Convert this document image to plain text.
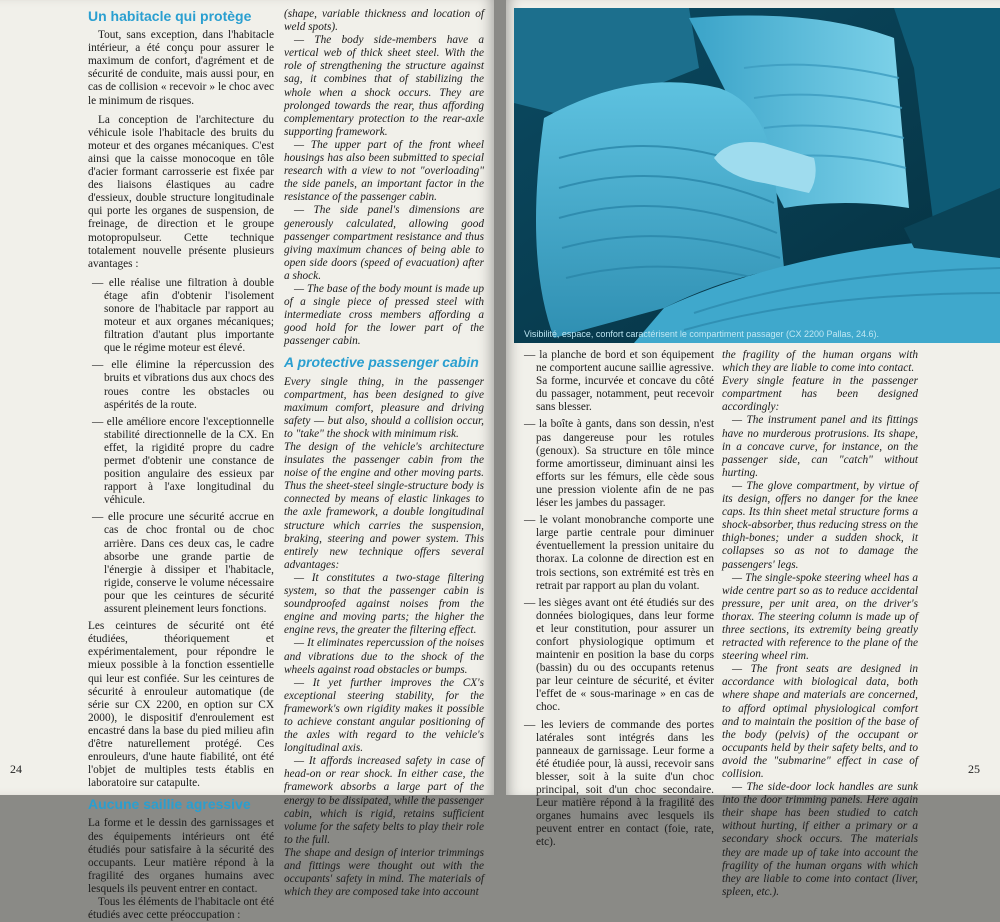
Un habitacle qui protège

Tout, sans exception, dans l'habitacle intérieur, a été conçu pour assurer le maximum de confort, d'agrément et de sécurité de conduite, mais aussi pour, en cas de collision « recevoir » le choc avec le minimum de risques.

La conception de l'architecture du véhicule isole l'habitacle des bruits du moteur et des organes mécaniques. C'est ainsi que la caisse monocoque en tôle d'acier formant carrosserie est fixée par des liaisons élastiques au cadre d'essieux, double structure longitudinale qui porte les organes de suspension, de freinage, de direction et le groupe motopropulseur. Cette technique totalement nouvelle présente plusieurs avantages :

— elle réalise une filtration à double étage afin d'obtenir l'isolement sonore de l'habitacle par rapport au moteur et aux organes mécaniques; filtration d'autant plus importante que le régime moteur est élevé.
— elle élimine la répercussion des bruits et vibrations dus aux chocs des roues contre les obstacles ou aspérités de la route.
— elle améliore encore l'exceptionnelle stabilité directionnelle de la CX. En effet, la rigidité propre du cadre permet d'obtenir une constance de position angulaire des essieux par rapport à l'axe longitudinal du véhicule.
— elle procure une sécurité accrue en cas de choc frontal ou de choc arrière. Dans ces deux cas, le cadre absorbe une grande partie de l'énergie à dissiper et l'habitacle, rigide, conserve le volume nécessaire pour que les ceintures de sécurité assurent pleinement leurs fonctions.

Les ceintures de sécurité ont été étudiées, théoriquement et expérimentalement, pour répondre le mieux possible à la fonction essentielle qui leur est confiée. Sur les ceintures de sécurité à enrouleur automatique (de série sur CX 2200, en option sur CX 2000), le dispositif d'enroulement est encastré dans la base du pied milieu afin d'être naturellement protégé. Ces enrouleurs, d'une haute fiabilité, ont été l'objet de multiples tests établis en laboratoire sur catapulte.

Aucune saillie agressive

La forme et le dessin des garnissages et des équipements intérieurs ont été étudiés pour satisfaire à la sécurité des occupants. Leur matière répond à la fragilité des organes humains avec lesquels ils peuvent entrer en contact.

Tous les éléments de l'habitacle ont été étudiés avec cette préoccupation :

(shape, variable thickness and location of weld spots).

— The body side-members have a vertical web of thick sheet steel. With the role of strengthening the structure against sag, it combines that of stabilizing the whole when a shock occurs. They are prolonged towards the rear, thus affording complementary protection to the rear-axle supporting framework.

— The upper part of the front wheel housings has also been submitted to special research with a view to not "overloading" the side panels, an important factor in the resistance of the passenger cabin.

— The side panel's dimensions are generously calculated, allowing good passenger compartment resistance and thus giving maximum chances of being able to open side doors (speed of evacuation) after a shock.

— The base of the body mount is made up of a single piece of pressed steel with intermediate cross members affording a good hold for the lower part of the passenger cabin.

A protective passenger cabin

Every single thing, in the passenger compartment, has been designed to give maximum comfort, pleasure and driving safety — but also, should a collision occur, to "take" the shock with minimum risk.

The design of the vehicle's architecture insulates the passenger cabin from the noise of the engine and other moving parts. Thus the sheet-steel single-structure body is connected by means of elastic linkages to the axle framework, a double longitudinal structure which carries the suspension, braking, steering and power system. This entirely new technique offers several advantages:

— It constitutes a two-stage filtering system, so that the passenger cabin is soundproofed against noises from the engine and moving parts; the higher the engine revs, the greater the filtering effect.

— It eliminates repercussion of the noises and vibrations due to the shock of the wheels against road obstacles or bumps.

— It yet further improves the CX's exceptional steering stability, for the framework's own rigidity makes it possible to achieve constant angular positioning of the axles with regard to the vehicle's longitudinal axis.

— It affords increased safety in case of head-on or rear shock. In either case, the framework absorbs a large part of the energy to be dissipated, while the passenger cabin, which is rigid, retains sufficient volume for the safety belts to play their role to the full.

The shape and design of interior trimmings and fittings were thought out with the occupants' safety in mind. The materials of which they are composed take into account

24
Visibilité, espace, confort caractérisent le compartiment passager (CX 2200 Pallas, 24.6).
— la planche de bord et son équipement ne comportent aucune saillie agressive. Sa forme, incurvée et concave du côté du passager, notamment, peut recevoir sans blesser.
— la boîte à gants, dans son dessin, n'est pas dangereuse pour les rotules (genoux). Sa structure en tôle mince forme amortisseur, diminuant ainsi les efforts sur les fémurs, elle cède sous une pression violente afin de ne pas léser les jambes du passager.
— le volant monobranche comporte une large partie centrale pour diminuer éventuellement la pression unitaire du thorax. La colonne de direction est en trois sections, son extrémité est très en retrait par rapport au plan du volant.
— les sièges avant ont été étudiés sur des données biologiques, dans leur forme et leur constitution, pour assurer un confort physiologique optimum et maintenir en position la base du corps (bassin) du ou des occupants retenus par leur ceinture de sécurité, et éviter l'effet de « sous-marinage » en cas de choc.
— les leviers de commande des portes latérales sont intégrés dans les panneaux de garnissage. Leur forme a été étudiée pour, là aussi, recevoir sans blesser, soit à la suite d'un choc principal, soit d'un choc secondaire. Leur matière répond à la fragilité des organes humains avec lesquels ils peuvent entrer en contact (foie, rate, etc).

the fragility of the human organs with which they are liable to come into contact.

Every single feature in the passenger compartment has been designed accordingly:

— The instrument panel and its fittings have no murderous protrusions. Its shape, in a concave curve, for instance, on the passenger side, can "catch" without hurting.

— The glove compartment, by virtue of its design, offers no danger for the knee caps. Its thin sheet metal structure forms a shock-absorber, thus reducing stress on the thigh-bones; under a sudden shock, it collapses so as not to damage the passengers' legs.

— The single-spoke steering wheel has a wide centre part so as to reduce accidental pressure, per unit area, on the driver's thorax. The steering column is made up of three sections, its extremity being greatly retracted with reference to the plane of the steering wheel rim.

— The front seats are designed in accordance with biological data, both where shape and materials are concerned, to afford optimal physiological comfort and to maintain the position of the base of the body (pelvis) of the occupant or occupants held by their safety belts, and to avoid the "submarine" effect in case of collision.

— The side-door lock handles are sunk into the door trimming panels. Here again their shape has been studied to catch without hurting, if either a primary or a secondary shock occurs. The materials they are made up of take into account the fragility of the human organs with which they are liable to come into contact (liver, spleen, etc.).

25
